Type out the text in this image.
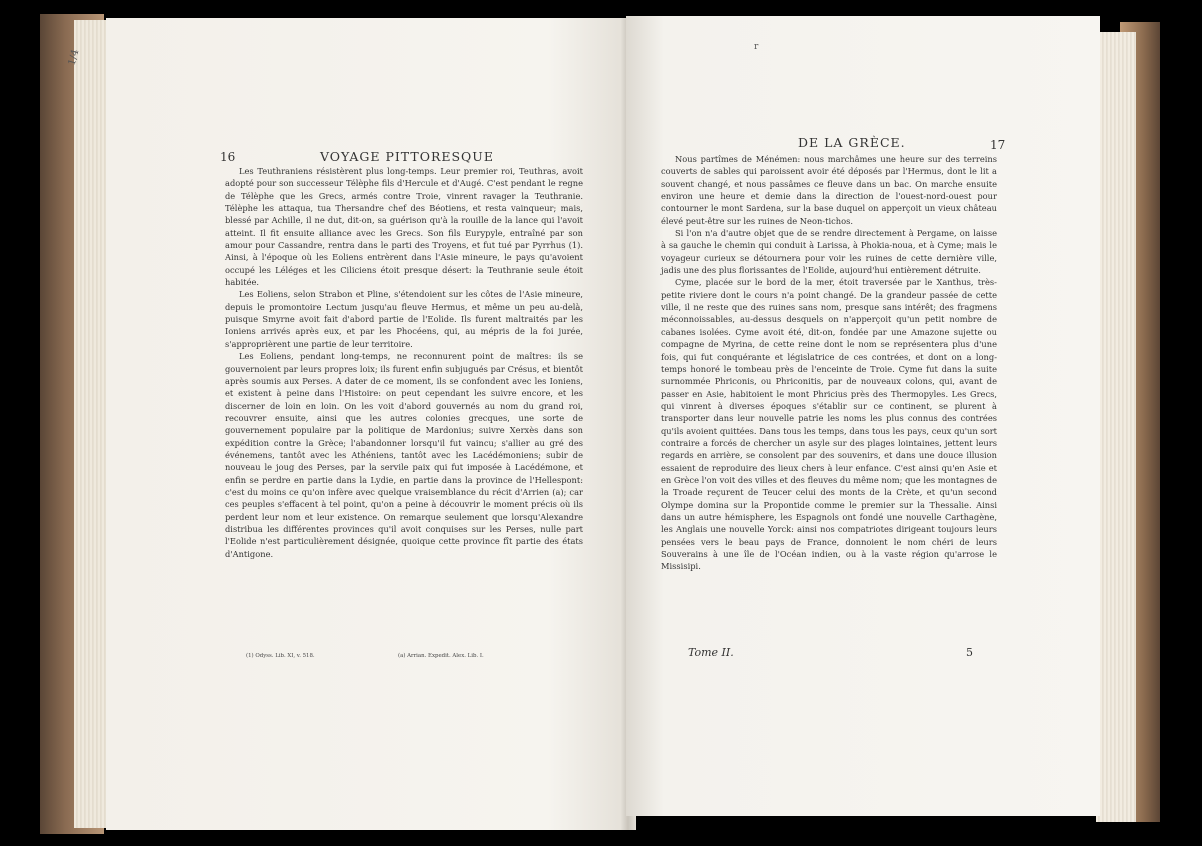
1/4
16	VOYAGE PITTORESQUE

Les Teuthraniens résistèrent plus long-temps. Leur premier roi, Teuthras, avoit adopté pour son successeur Télèphe fils d'Hercule et d'Augé. C'est pendant le regne de Télèphe que les Grecs, armés contre Troie, vinrent ravager la Teuthranie. Télèphe les attaqua, tua Thersandre chef des Béotiens, et resta vainqueur; mais, blessé par Achille, il ne dut, dit-on, sa guérison qu'à la rouille de la lance qui l'avoit atteint. Il fit ensuite alliance avec les Grecs. Son fils Eurypyle, entraîné par son amour pour Cassandre, rentra dans le parti des Troyens, et fut tué par Pyrrhus (1). Ainsi, à l'époque où les Eoliens entrèrent dans l'Asie mineure, le pays qu'avoient occupé les Léléges et les Ciliciens étoit presque désert: la Teuthranie seule étoit habitée.

Les Eoliens, selon Strabon et Pline, s'étendoient sur les côtes de l'Asie mineure, depuis le promontoire Lectum jusqu'au fleuve Hermus, et même un peu au-delà, puisque Smyrne avoit fait d'abord partie de l'Eolide. Ils furent maltraités par les Ioniens arrivés après eux, et par les Phocéens, qui, au mépris de la foi jurée, s'approprièrent une partie de leur territoire.

Les Eoliens, pendant long-temps, ne reconnurent point de maîtres: ils se gouvernoient par leurs propres loix; ils furent enfin subjugués par Crésus, et bientôt après soumis aux Perses. A dater de ce moment, ils se confondent avec les Ioniens, et existent à peine dans l'Histoire: on peut cependant les suivre encore, et les discerner de loin en loin. On les voit d'abord gouvernés au nom du grand roi, recouvrer ensuite, ainsi que les autres colonies grecques, une sorte de gouvernement populaire par la politique de Mardonius; suivre Xerxès dans son expédition contre la Grèce; l'abandonner lorsqu'il fut vaincu; s'allier au gré des événemens, tantôt avec les Athéniens, tantôt avec les Lacédémoniens; subir de nouveau le joug des Perses, par la servile paix qui fut imposée à Lacédémone, et enfin se perdre en partie dans la Lydie, en partie dans la province de l'Hellespont: c'est du moins ce qu'on infère avec quelque vraisemblance du récit d'Arrien (a); car ces peuples s'effacent à tel point, qu'on a peine à découvrir le moment précis où ils perdent leur nom et leur existence. On remarque seulement que lorsqu'Alexandre distribua les différentes provinces qu'il avoit conquises sur les Perses, nulle part l'Eolide n'est particulièrement désignée, quoique cette province fît partie des états d'Antigone.

(1) Odyss. Lib. XI, v. 518.	(a) Arrian. Expedit. Alex. Lib. I.
r
DE LA GRÈCE.	17

Nous partîmes de Ménémen: nous marchâmes une heure sur des terreins couverts de sables qui paroissent avoir été déposés par l'Hermus, dont le lit a souvent changé, et nous passâmes ce fleuve dans un bac. On marche ensuite environ une heure et demie dans la direction de l'ouest-nord-ouest pour contourner le mont Sardena, sur la base duquel on apperçoit un vieux château élevé peut-être sur les ruines de Neon-tichos.

Si l'on n'a d'autre objet que de se rendre directement à Pergame, on laisse à sa gauche le chemin qui conduit à Larissa, à Phokia-noua, et à Cyme; mais le voyageur curieux se détournera pour voir les ruines de cette dernière ville, jadis une des plus florissantes de l'Eolide, aujourd'hui entièrement détruite.

Cyme, placée sur le bord de la mer, étoit traversée par le Xanthus, très-petite riviere dont le cours n'a point changé. De la grandeur passée de cette ville, il ne reste que des ruines sans nom, presque sans intérêt; des fragmens méconnoissables, au-dessus desquels on n'apperçoit qu'un petit nombre de cabanes isolées. Cyme avoit été, dit-on, fondée par une Amazone sujette ou compagne de Myrina, de cette reine dont le nom se représentera plus d'une fois, qui fut conquérante et législatrice de ces contrées, et dont on a long-temps honoré le tombeau près de l'enceinte de Troie. Cyme fut dans la suite surnommée Phriconis, ou Phriconitis, par de nouveaux colons, qui, avant de passer en Asie, habitoient le mont Phricius près des Thermopyles. Les Grecs, qui vinrent à diverses époques s'établir sur ce continent, se plurent à transporter dans leur nouvelle patrie les noms les plus connus des contrées qu'ils avoient quittées. Dans tous les temps, dans tous les pays, ceux qu'un sort contraire a forcés de chercher un asyle sur des plages lointaines, jettent leurs regards en arrière, se consolent par des souvenirs, et dans une douce illusion essaient de reproduire des lieux chers à leur enfance. C'est ainsi qu'en Asie et en Grèce l'on voit des villes et des fleuves du même nom; que les montagnes de la Troade reçurent de Teucer celui des monts de la Crète, et qu'un second Olympe domina sur la Propontide comme le premier sur la Thessalie. Ainsi dans un autre hémisphere, les Espagnols ont fondé une nouvelle Carthagène, les Anglais une nouvelle Yorck: ainsi nos compatriotes dirigeant toujours leurs pensées vers le beau pays de France, donnoient le nom chéri de leurs Souverains à une île de l'Océan indien, ou à la vaste région qu'arrose le Missisipi.

Tome II.	5
